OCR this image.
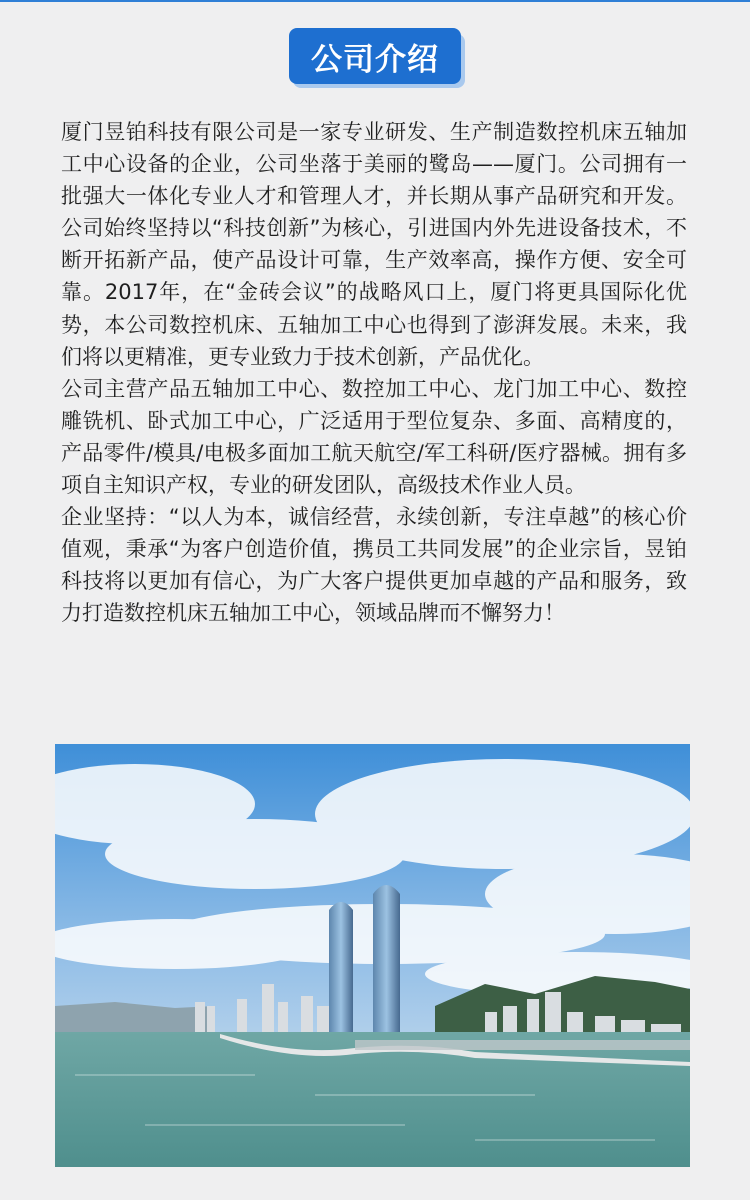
公司介绍

厦门昱铂科技有限公司是一家专业研发、生产制造数控机床五轴加工中心设备的企业，公司坐落于美丽的鹭岛——厦门。公司拥有一批强大一体化专业人才和管理人才，并长期从事产品研究和开发。公司始终坚持以“科技创新”为核心，引进国内外先进设备技术，不断开拓新产品，使产品设计可靠，生产效率高，操作方便、安全可靠。2017年，在“金砖会议”的战略风口上，厦门将更具国际化优势，本公司数控机床、五轴加工中心也得到了澎湃发展。未来，我们将以更精准，更专业致力于技术创新，产品优化。

公司主营产品五轴加工中心、数控加工中心、龙门加工中心、数控雕铣机、卧式加工中心，广泛适用于型位复杂、多面、高精度的，产品零件/模具/电极多面加工航天航空/军工科研/医疗器械。拥有多项自主知识产权，专业的研发团队，高级技术作业人员。

企业坚持：“以人为本，诚信经营，永续创新，专注卓越”的核心价值观，秉承“为客户创造价值，携员工共同发展”的企业宗旨，昱铂科技将以更加有信心，为广大客户提供更加卓越的产品和服务，致力打造数控机床五轴加工中心，领域品牌而不懈努力！
